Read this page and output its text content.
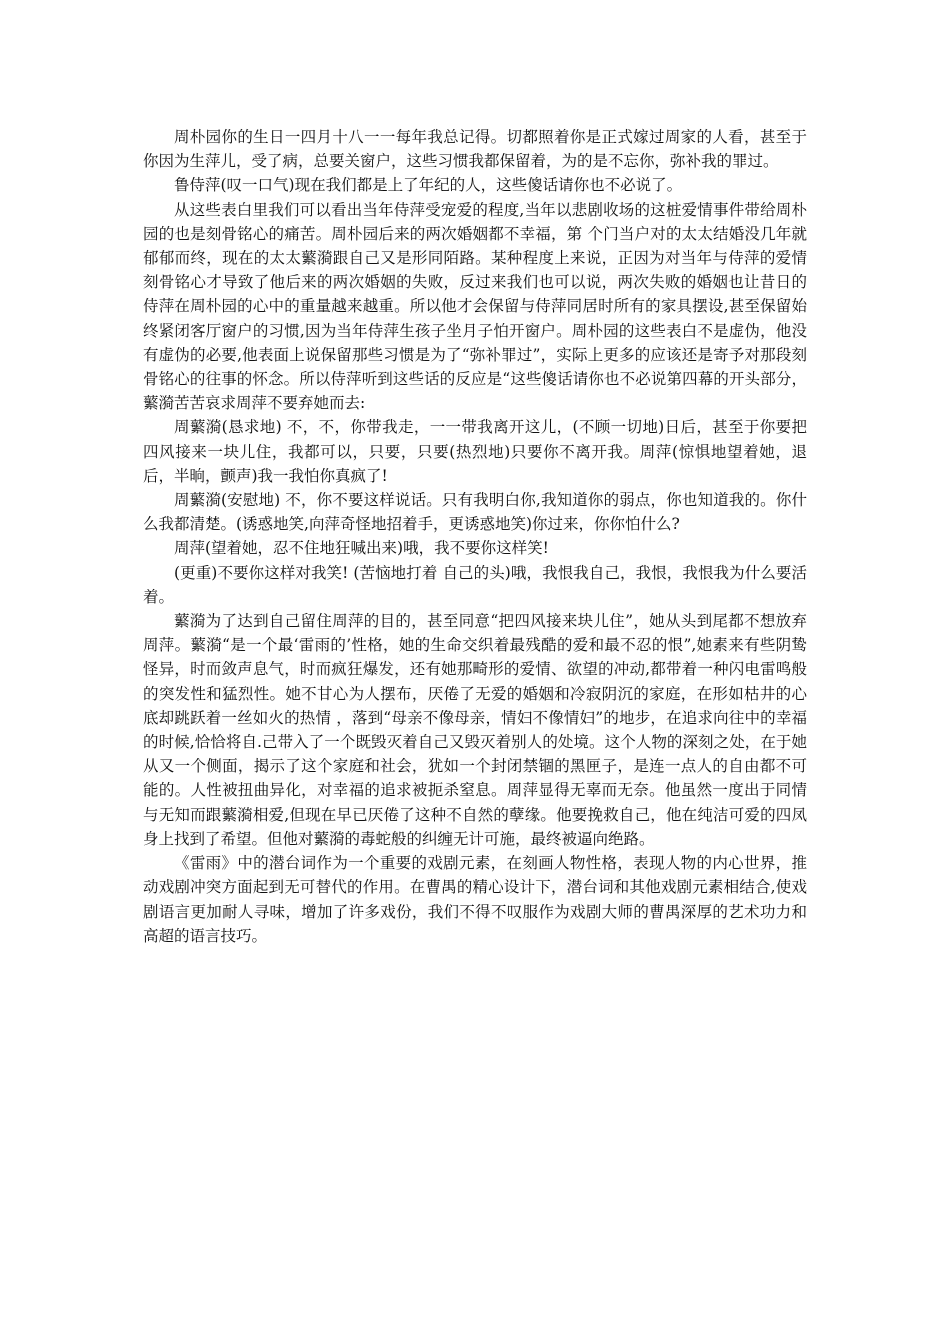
周朴园你的生日一四月十八一一每年我总记得。切都照着你是正式嫁过周家的人看，甚至于你因为生萍儿，受了病，总要关窗户，这些习惯我都保留着，为的是不忘你，弥补我的罪过。

鲁侍萍(叹一口气)现在我们都是上了年纪的人，这些傻话请你也不必说了。

从这些表白里我们可以看出当年侍萍受宠爱的程度,当年以悲剧收场的这桩爱情事件带给周朴园的也是刻骨铭心的痛苦。周朴园后来的两次婚姻都不幸福，第 个门当户对的太太结婚没几年就郁郁而终，现在的太太蘩漪跟自己又是形同陌路。某种程度上来说，正因为对当年与侍萍的爱情刻骨铭心才导致了他后来的两次婚姻的失败，反过来我们也可以说，两次失败的婚姻也让昔日的侍萍在周朴园的心中的重量越来越重。所以他才会保留与侍萍同居时所有的家具摆设,甚至保留始终紧闭客厅窗户的习惯,因为当年侍萍生孩子坐月子怕开窗户。周朴园的这些表白不是虚伪，他没有虚伪的必要,他表面上说保留那些习惯是为了“弥补罪过”，实际上更多的应该还是寄予对那段刻骨铭心的往事的怀念。所以侍萍听到这些话的反应是“这些傻话请你也不必说第四幕的开头部分，蘩漪苦苦哀求周萍不要弃她而去:

周蘩漪(恳求地) 不，不，你带我走，一一带我离开这儿，(不顾一切地)日后，甚至于你要把四风接来一块儿住，我都可以，只要，只要(热烈地)只要你不离开我。周萍(惊惧地望着她，退后，半晌，颤声)我一我怕你真疯了!

周蘩漪(安慰地) 不，你不要这样说话。只有我明白你,我知道你的弱点，你也知道我的。你什么我都清楚。(诱惑地笑,向萍奇怪地招着手，更诱惑地笑)你过来，你你怕什么?

周萍(望着她，忍不住地狂喊出来)哦，我不要你这样笑!

(更重)不要你这样对我笑! (苦恼地打着 自己的头)哦，我恨我自己，我恨，我恨我为什么要活着。

蘩漪为了达到自己留住周萍的目的，甚至同意“把四风接来块儿住”，她从头到尾都不想放弃周萍。蘩漪“是一个最‘雷雨的’性格，她的生命交织着最残酷的爱和最不忍的恨”,她素来有些阴鸷怪异，时而敛声息气，时而疯狂爆发，还有她那畸形的爱情、欲望的冲动,都带着一种闪电雷鸣般的突发性和猛烈性。她不甘心为人摆布，厌倦了无爱的婚姻和冷寂阴沉的家庭，在形如枯井的心底却跳跃着一丝如火的热情 ，落到“母亲不像母亲，情妇不像情妇”的地步，在追求向往中的幸福的时候,恰恰将自.己带入了一个既毁灭着自己又毁灭着别人的处境。这个人物的深刻之处，在于她从又一个侧面，揭示了这个家庭和社会，犹如一个封闭禁锢的黑匣子，是连一点人的自由都不可能的。人性被扭曲异化，对幸福的追求被扼杀窒息。周萍显得无辜而无奈。他虽然一度出于同情与无知而跟蘩漪相爱,但现在早已厌倦了这种不自然的孽缘。他要挽救自己，他在纯洁可爱的四凤身上找到了希望。但他对蘩漪的毒蛇般的纠缠无计可施，最终被逼向绝路。

《雷雨》中的潜台词作为一个重要的戏剧元素，在刻画人物性格，表现人物的内心世界，推动戏剧冲突方面起到无可替代的作用。在曹禺的精心设计下，潜台词和其他戏剧元素相结合,使戏剧语言更加耐人寻味，增加了许多戏份，我们不得不叹服作为戏剧大师的曹禺深厚的艺术功力和高超的语言技巧。
